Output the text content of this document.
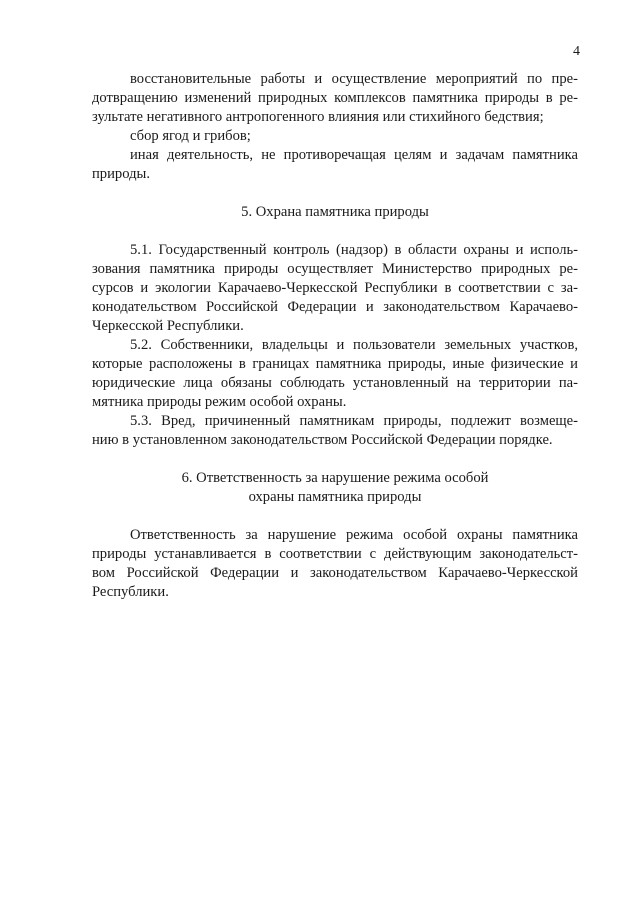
4
восстановительные работы и осуществление мероприятий по пре-
дотвращению изменений природных комплексов памятника природы в ре-
зультате негативного антропогенного влияния или стихийного бедствия;
сбор ягод и грибов;
иная деятельность, не противоречащая целям и задачам памятника
природы.
5. Охрана памятника природы
5.1. Государственный контроль (надзор) в области охраны и исполь-
зования памятника природы осуществляет Министерство природных ре-
сурсов и экологии Карачаево-Черкесской Республики в соответствии с за-
конодательством Российской Федерации и законодательством Карачаево-
Черкесской Республики.
5.2. Собственники, владельцы и пользователи земельных участков,
которые расположены в границах памятника природы, иные физические и
юридические лица обязаны соблюдать установленный на территории па-
мятника природы режим особой охраны.
5.3. Вред, причиненный памятникам природы, подлежит возмеще-
нию в установленном законодательством Российской Федерации порядке.
6. Ответственность за нарушение режима особой
охраны памятника природы
Ответственность за нарушение режима особой охраны памятника
природы устанавливается в соответствии с действующим законодательст-
вом Российской Федерации и законодательством Карачаево-Черкесской
Республики.
